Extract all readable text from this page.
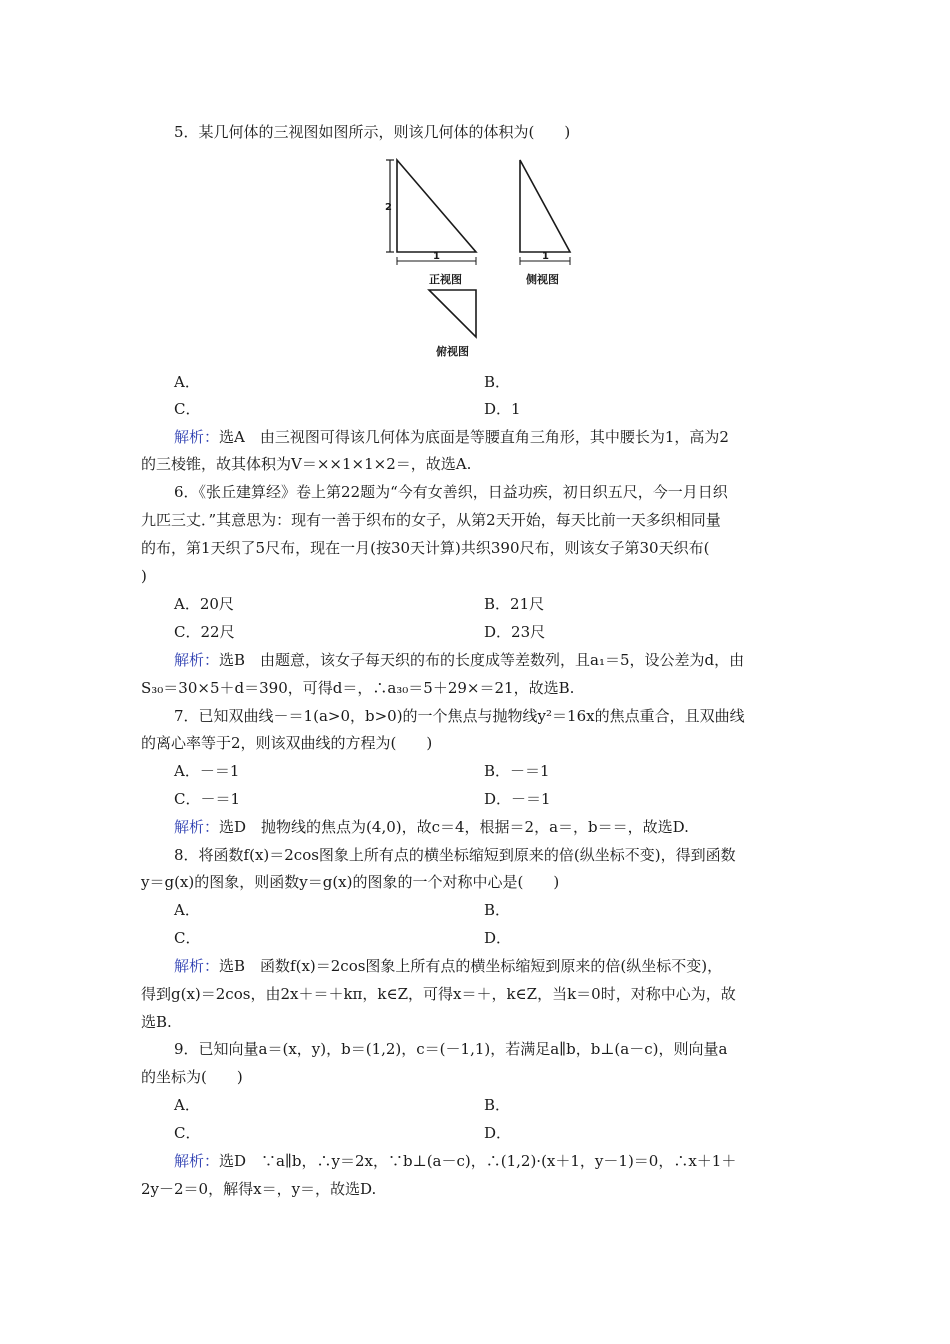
5．某几何体的三视图如图所示，则该几何体的体积为(　　)
2
1
正视图
1
侧视图
俯视图
A．	B．
C．	D．1
解析：选A　由三视图可得该几何体为底面是等腰直角三角形，其中腰长为1，高为2
的三棱锥，故其体积为V＝××1×1×2＝，故选A.
6．《张丘建算经》卷上第22题为“今有女善织，日益功疾，初日织五尺，今一月日织
九匹三丈．”其意思为：现有一善于织布的女子，从第2天开始，每天比前一天多织相同量
的布，第1天织了5尺布，现在一月(按30天计算)共织390尺布，则该女子第30天织布(
)
A．20尺	B．21尺
C．22尺	D．23尺
解析：选B　由题意，该女子每天织的布的长度成等差数列，且a₁＝5，设公差为d，由
S₃₀＝30×5＋d＝390，可得d＝，∴a₃₀＝5＋29×＝21，故选B.
7．已知双曲线－＝1(a>0，b>0)的一个焦点与抛物线y²＝16x的焦点重合，且双曲线
的离心率等于2，则该双曲线的方程为(　　)
A．－＝1	B．－＝1
C．－＝1	D．－＝1
解析：选D　抛物线的焦点为(4,0)，故c＝4，根据＝2，a＝，b＝＝，故选D.
8．将函数f(x)＝2cos图象上所有点的横坐标缩短到原来的倍(纵坐标不变)，得到函数
y＝g(x)的图象，则函数y＝g(x)的图象的一个对称中心是(　　)
A．	B．
C．	D．
解析：选B　函数f(x)＝2cos图象上所有点的横坐标缩短到原来的倍(纵坐标不变)，
得到g(x)＝2cos，由2x＋＝＋kπ，k∈Z，可得x＝＋，k∈Z，当k＝0时，对称中心为，故
选B.
9．已知向量a＝(x，y)，b＝(1,2)，c＝(－1,1)，若满足a∥b，b⊥(a－c)，则向量a
的坐标为(　　)
A．	B．
C．	D．
解析：选D　∵a∥b，∴y＝2x，∵b⊥(a－c)，∴(1,2)·(x＋1，y－1)＝0，∴x＋1＋
2y－2＝0，解得x＝，y＝，故选D.
